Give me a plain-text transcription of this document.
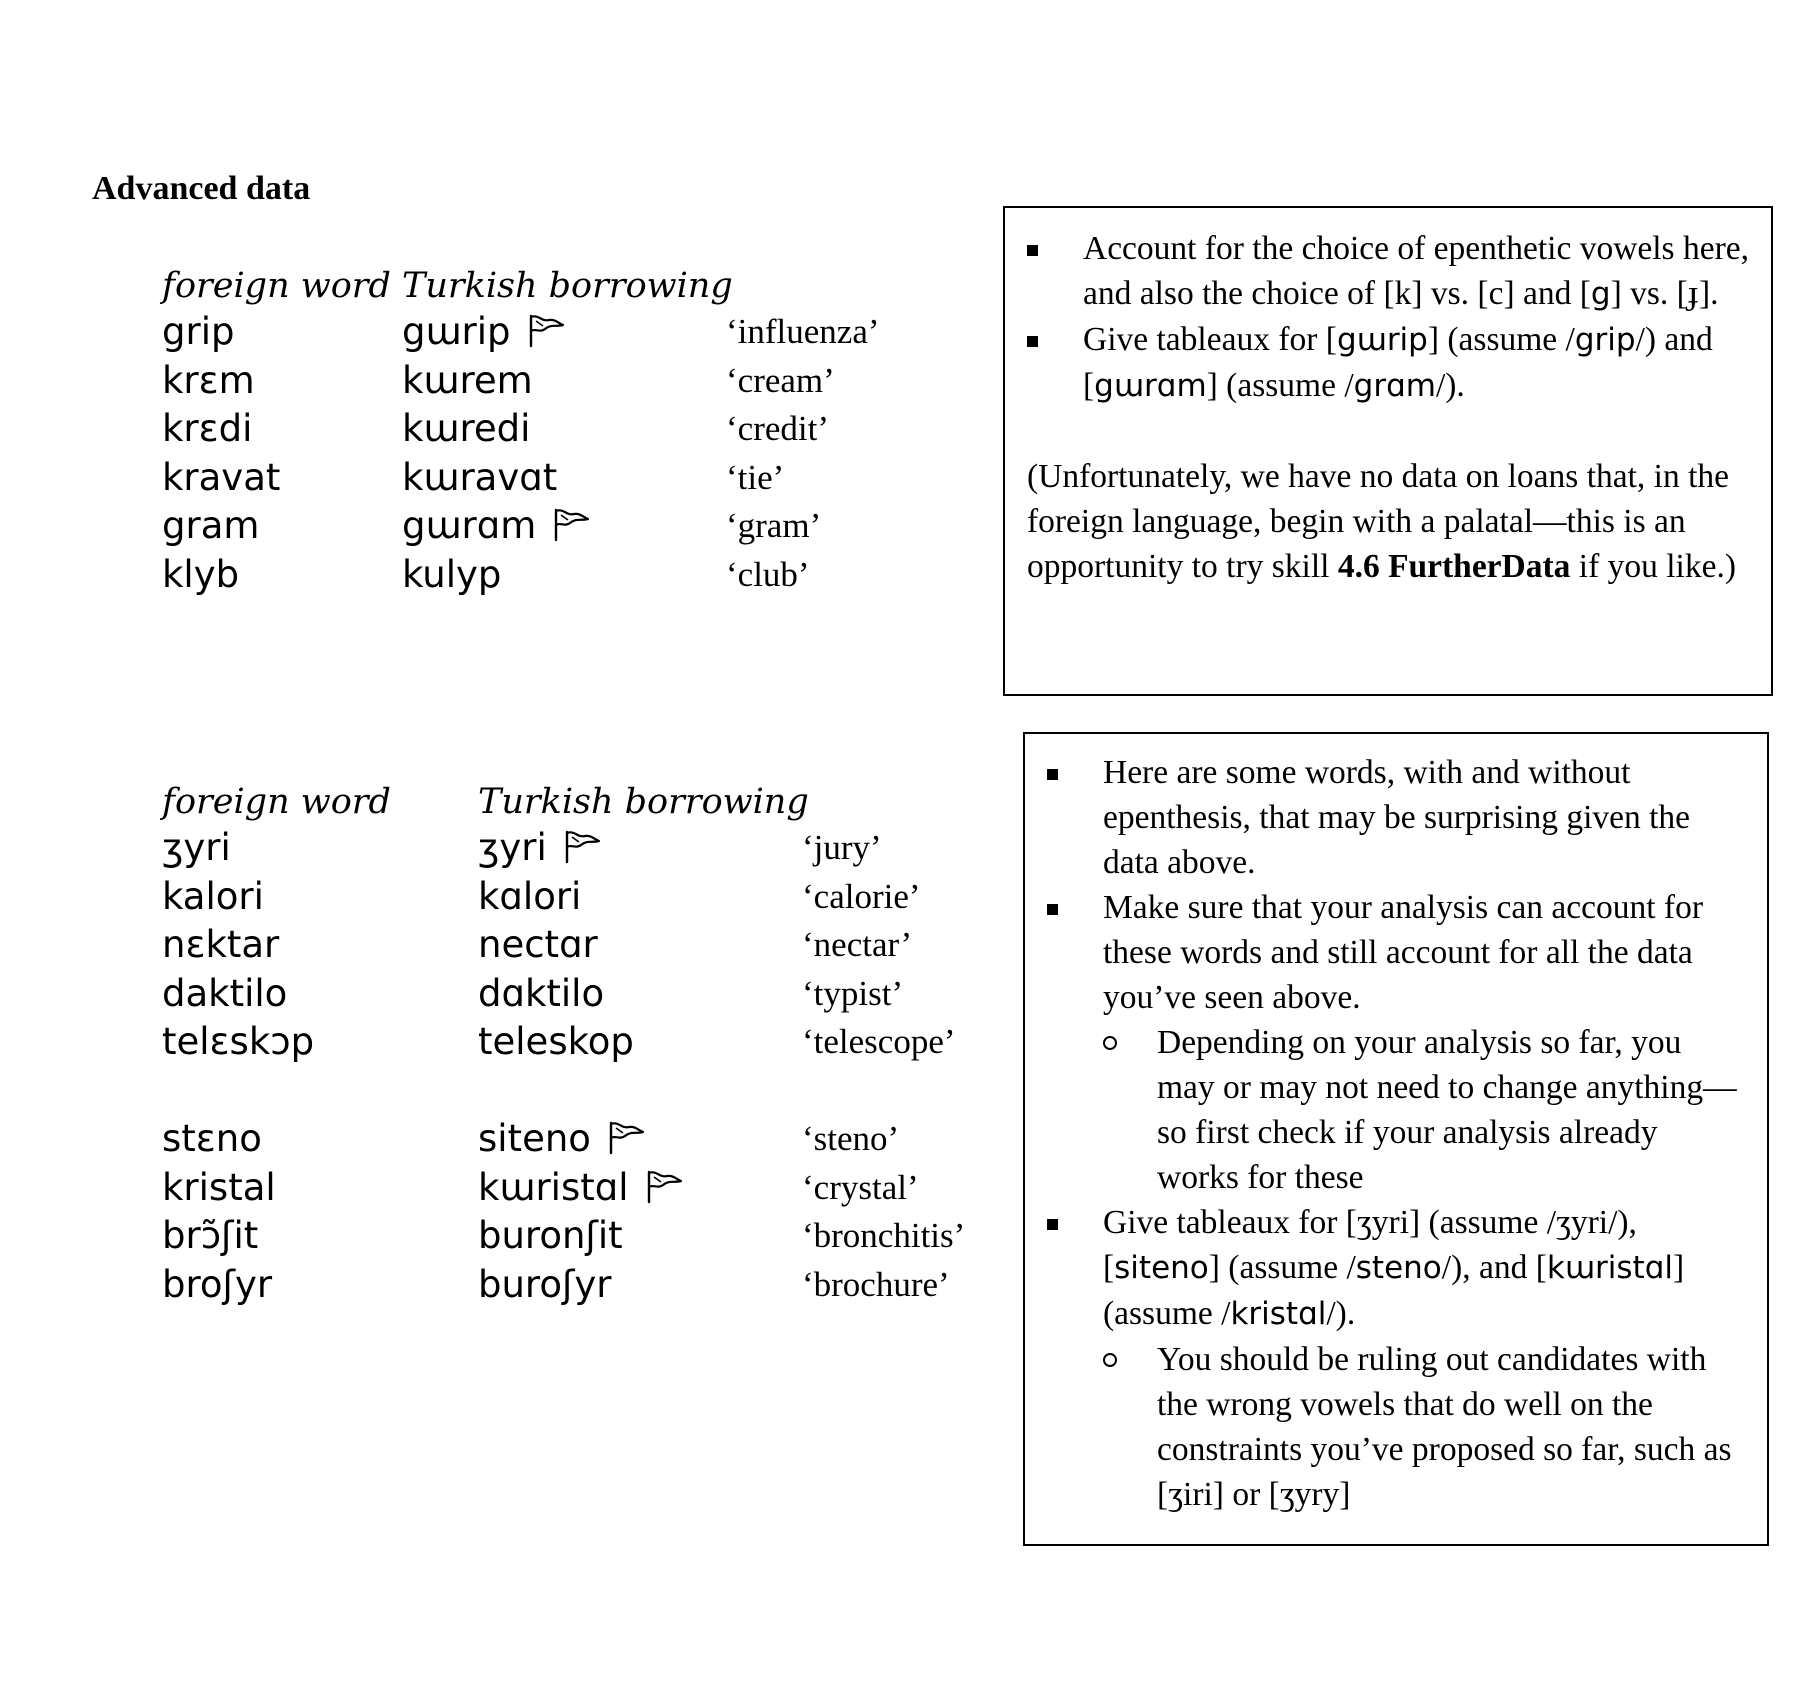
Advanced data
foreign word Turkish borrowing
grip	gɯrip	‘influenza’
krɛm	kɯrem	‘cream’
krɛdi	kɯredi	‘credit’
kravat	kɯravɑt	‘tie’
gram	gɯrɑm	‘gram’
klyb	kulyp	‘club’
foreign word Turkish borrowing
ʒyri	ʒyri	‘jury’
kalori	kɑlori	‘calorie’
nɛktar	nectɑr	‘nectar’
daktilo	dɑktilo	‘typist’
telɛskɔp	teleskop	‘telescope’
stɛno	siteno	‘steno’
kristal	kɯristɑl	‘crystal’
brɔ̃ʃit	buronʃit	‘bronchitis’
broʃyr	buroʃyr	‘brochure’
Account for the choice of epenthetic vowels here, and also the choice of [k] vs. [c] and [g] vs. [ɟ].
Give tableaux for [gɯrip] (assume /grip/) and [gɯrɑm] (assume /grɑm/).

(Unfortunately, we have no data on loans that, in the foreign language, begin with a palatal—this is an opportunity to try skill 4.6 FurtherData if you like.)

Here are some words, with and without epenthesis, that may be surprising given the data above.
Make sure that your analysis can account for these words and still account for all the data you’ve seen above.
Depending on your analysis so far, you may or may not need to change anything—so first check if your analysis already works for these
Give tableaux for [ʒyri] (assume /ʒyri/), [siteno] (assume /steno/), and [kɯristɑl] (assume /kristɑl/).
You should be ruling out candidates with the wrong vowels that do well on the constraints you’ve proposed so far, such as [ʒiri] or [ʒyry]
